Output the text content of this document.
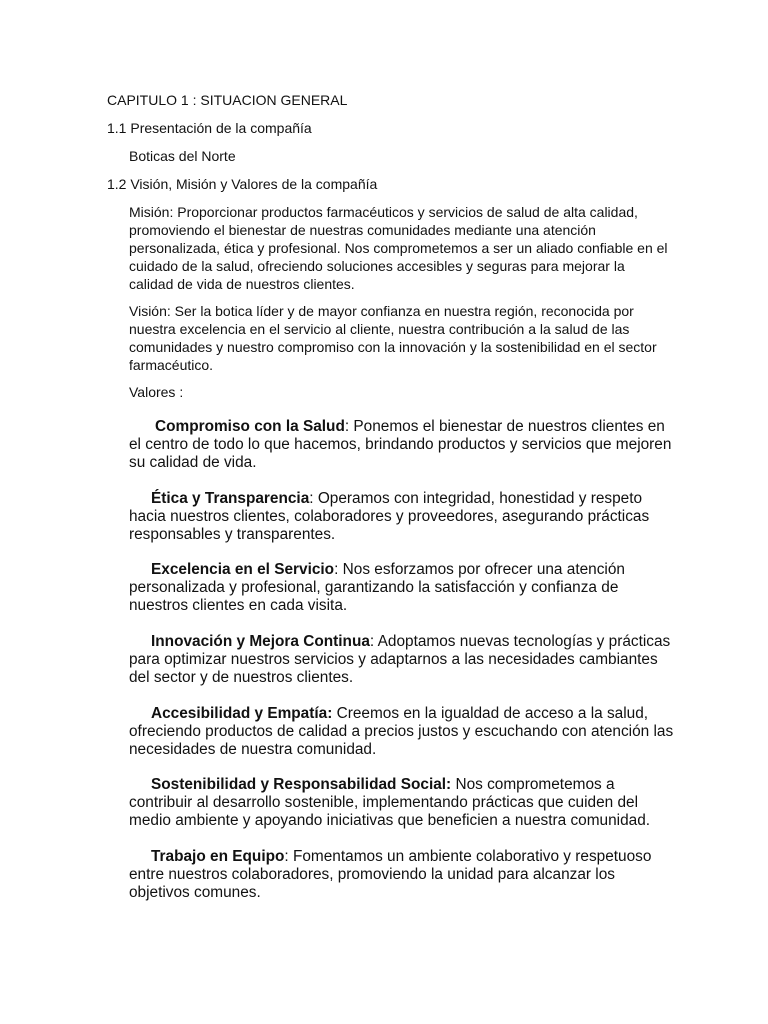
CAPITULO 1 : SITUACION GENERAL

1.1 Presentación de la compañía

Boticas del Norte

1.2 Visión, Misión y Valores de la compañía

Misión: Proporcionar productos farmacéuticos y servicios de salud de alta calidad, promoviendo el bienestar de nuestras comunidades mediante una atención personalizada, ética y profesional. Nos comprometemos a ser un aliado confiable en el cuidado de la salud, ofreciendo soluciones accesibles y seguras para mejorar la calidad de vida de nuestros clientes.

Visión: Ser la botica líder y de mayor confianza en nuestra región, reconocida por nuestra excelencia en el servicio al cliente, nuestra contribución a la salud de las comunidades y nuestro compromiso con la innovación y la sostenibilidad en el sector farmacéutico.

Valores :

Compromiso con la Salud: Ponemos el bienestar de nuestros clientes en el centro de todo lo que hacemos, brindando productos y servicios que mejoren su calidad de vida.

Ética y Transparencia: Operamos con integridad, honestidad y respeto hacia nuestros clientes, colaboradores y proveedores, asegurando prácticas responsables y transparentes.

Excelencia en el Servicio: Nos esforzamos por ofrecer una atención personalizada y profesional, garantizando la satisfacción y confianza de nuestros clientes en cada visita.

Innovación y Mejora Continua: Adoptamos nuevas tecnologías y prácticas para optimizar nuestros servicios y adaptarnos a las necesidades cambiantes del sector y de nuestros clientes.

Accesibilidad y Empatía: Creemos en la igualdad de acceso a la salud, ofreciendo productos de calidad a precios justos y escuchando con atención las necesidades de nuestra comunidad.

Sostenibilidad y Responsabilidad Social: Nos comprometemos a contribuir al desarrollo sostenible, implementando prácticas que cuiden del medio ambiente y apoyando iniciativas que beneficien a nuestra comunidad.

Trabajo en Equipo: Fomentamos un ambiente colaborativo y respetuoso entre nuestros colaboradores, promoviendo la unidad para alcanzar los objetivos comunes.
